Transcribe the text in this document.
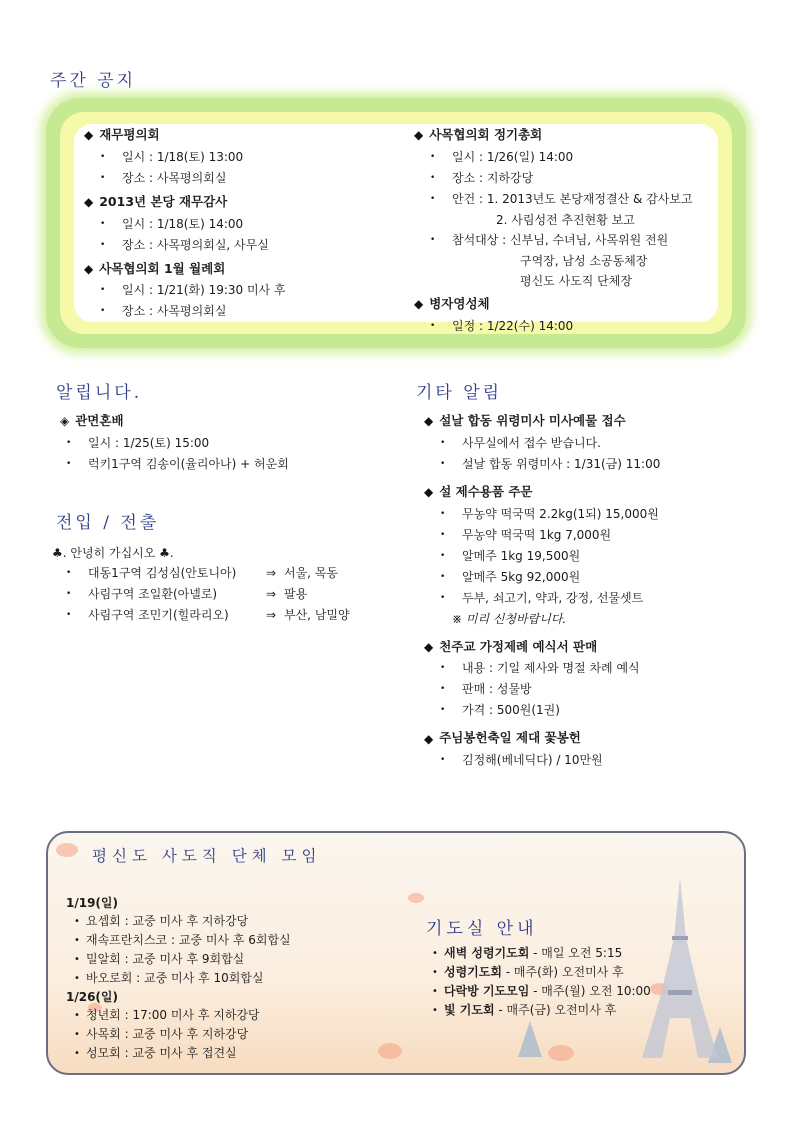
주간 공지
◆ 재무평의회
•	일시 : 1/18(토) 13:00
•	장소 : 사목평의회실
◆ 2013년 본당 재무감사
•	일시 : 1/18(토) 14:00
•	장소 : 사목평의회실, 사무실
◆ 사목협의회 1월 월례회
•	일시 : 1/21(화) 19:30 미사 후
•	장소 : 사목평의회실
◆ 사목협의회 정기총회
•	일시 : 1/26(일) 14:00
•	장소 : 지하강당
•	안건 : 1. 2013년도 본당재정결산 & 감사보고
2. 사림성전 추진현황 보고
•	참석대상 : 신부님, 수녀님, 사목위원 전원
구역장, 남성 소공동체장
평신도 사도직 단체장
◆ 병자영성체
•	일정 : 1/22(수) 14:00
알립니다.
◈ 관면혼배
•	일시 : 1/25(토) 15:00
•	럭키1구역 김송이(율리아나) + 허운회
전입 / 전출
♣. 안녕히 가십시오 ♣.
•	대동1구역 김성심(안토니아)	⇒ 서울, 목동
•	사림구역 조일환(아넬로)	⇒ 팔용
•	사림구역 조민기(힐라리오)	⇒ 부산, 남밀양
기타 알림
◆ 설날 합동 위령미사 미사예물 접수
•	사무실에서 접수 받습니다.
•	설날 합동 위령미사 : 1/31(금) 11:00
◆ 설 제수용품 주문
•	무농약 떡국떡 2.2kg(1되) 15,000원
•	무농약 떡국떡 1kg 7,000원
•	알메주 1kg 19,500원
•	알메주 5kg 92,000원
•	두부, 쇠고기, 약과, 강정, 선물셋트
※ 미리 신청바랍니다.
◆ 천주교 가정제례 예식서 판매
•	내용 : 기일 제사와 명절 차례 예식
•	판매 : 성물방
•	가격 : 500원(1권)
◆ 주님봉헌축일 제대 꽃봉헌
•	김정해(베네딕다) / 10만원
평신도 사도직 단체 모임
1/19(일)
• 요셉회 : 교중 미사 후 지하강당
• 재속프란치스코 : 교중 미사 후 6회합실
• 밀알회 : 교중 미사 후 9회합실
• 바오로회 : 교중 미사 후 10회합실
1/26(일)
• 청년회 : 17:00 미사 후 지하강당
• 사목회 : 교중 미사 후 지하강당
• 성모회 : 교중 미사 후 접견실
기도실 안내
• 새벽 성령기도회 - 매일 오전 5:15
• 성령기도회 - 매주(화) 오전미사 후
• 다락방 기도모임 - 매주(월) 오전 10:00
• 빛 기도회 - 매주(금) 오전미사 후
